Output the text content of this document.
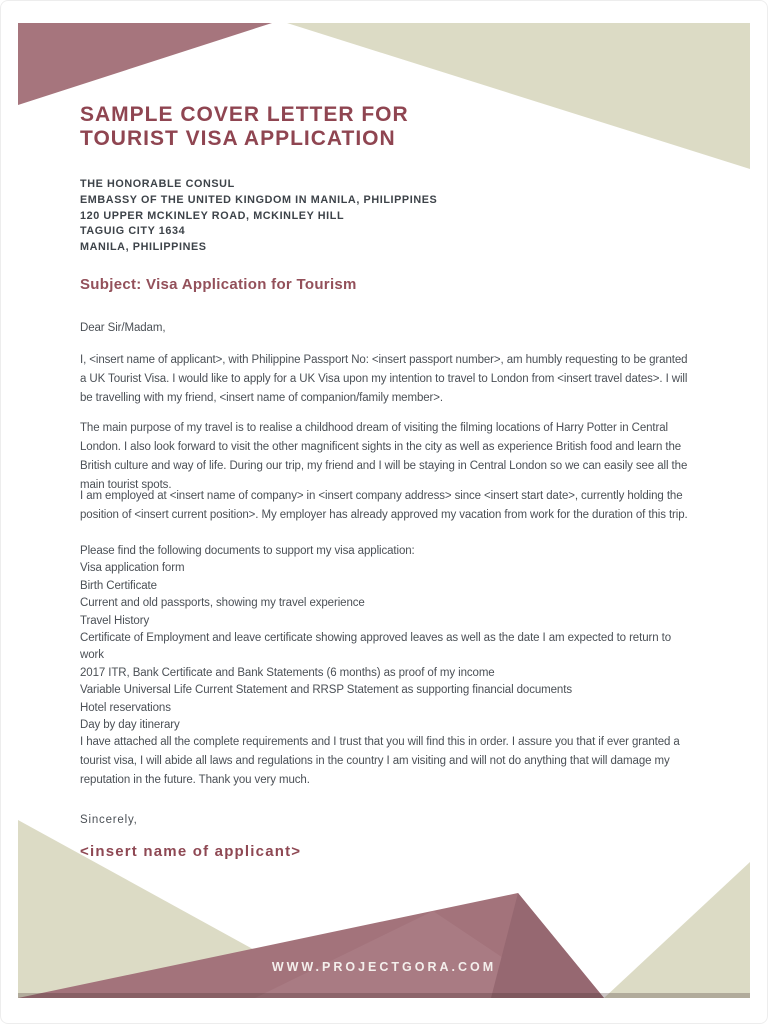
SAMPLE COVER LETTER FOR
TOURIST VISA APPLICATION
THE HONORABLE CONSUL
EMBASSY OF THE UNITED KINGDOM IN MANILA, PHILIPPINES
120 UPPER MCKINLEY ROAD, MCKINLEY HILL
TAGUIG CITY 1634
MANILA, PHILIPPINES
Subject: Visa Application for Tourism
Dear Sir/Madam,
I, <insert name of applicant>, with Philippine Passport No: <insert passport number>, am humbly requesting to be granted a UK Tourist Visa. I would like to apply for a UK Visa upon my intention to travel to London from <insert travel dates>. I will be travelling with my friend, <insert name of companion/family member>.
The main purpose of my travel is to realise a childhood dream of visiting the filming locations of Harry Potter in Central London. I also look forward to visit the other magnificent sights in the city as well as experience British food and learn the British culture and way of life. During our trip, my friend and I will be staying in Central London so we can easily see all the main tourist spots.
I am employed at <insert name of company> in <insert company address> since <insert start date>, currently holding the position of <insert current position>. My employer has already approved my vacation from work for the duration of this trip.
Please find the following documents to support my visa application:
Visa application form
Birth Certificate
Current and old passports, showing my travel experience
Travel History
Certificate of Employment and leave certificate showing approved leaves as well as the date I am expected to return to work
2017 ITR, Bank Certificate and Bank Statements (6 months) as proof of my income
Variable Universal Life Current Statement and RRSP Statement as supporting financial documents
Hotel reservations
Day by day itinerary
I have attached all the complete requirements and I trust that you will find this in order. I assure you that if ever granted a tourist visa, I will abide all laws and regulations in the country I am visiting and will not do anything that will damage my reputation in the future. Thank you very much.
Sincerely,
<insert name of applicant>
WWW.PROJECTGORA.COM
